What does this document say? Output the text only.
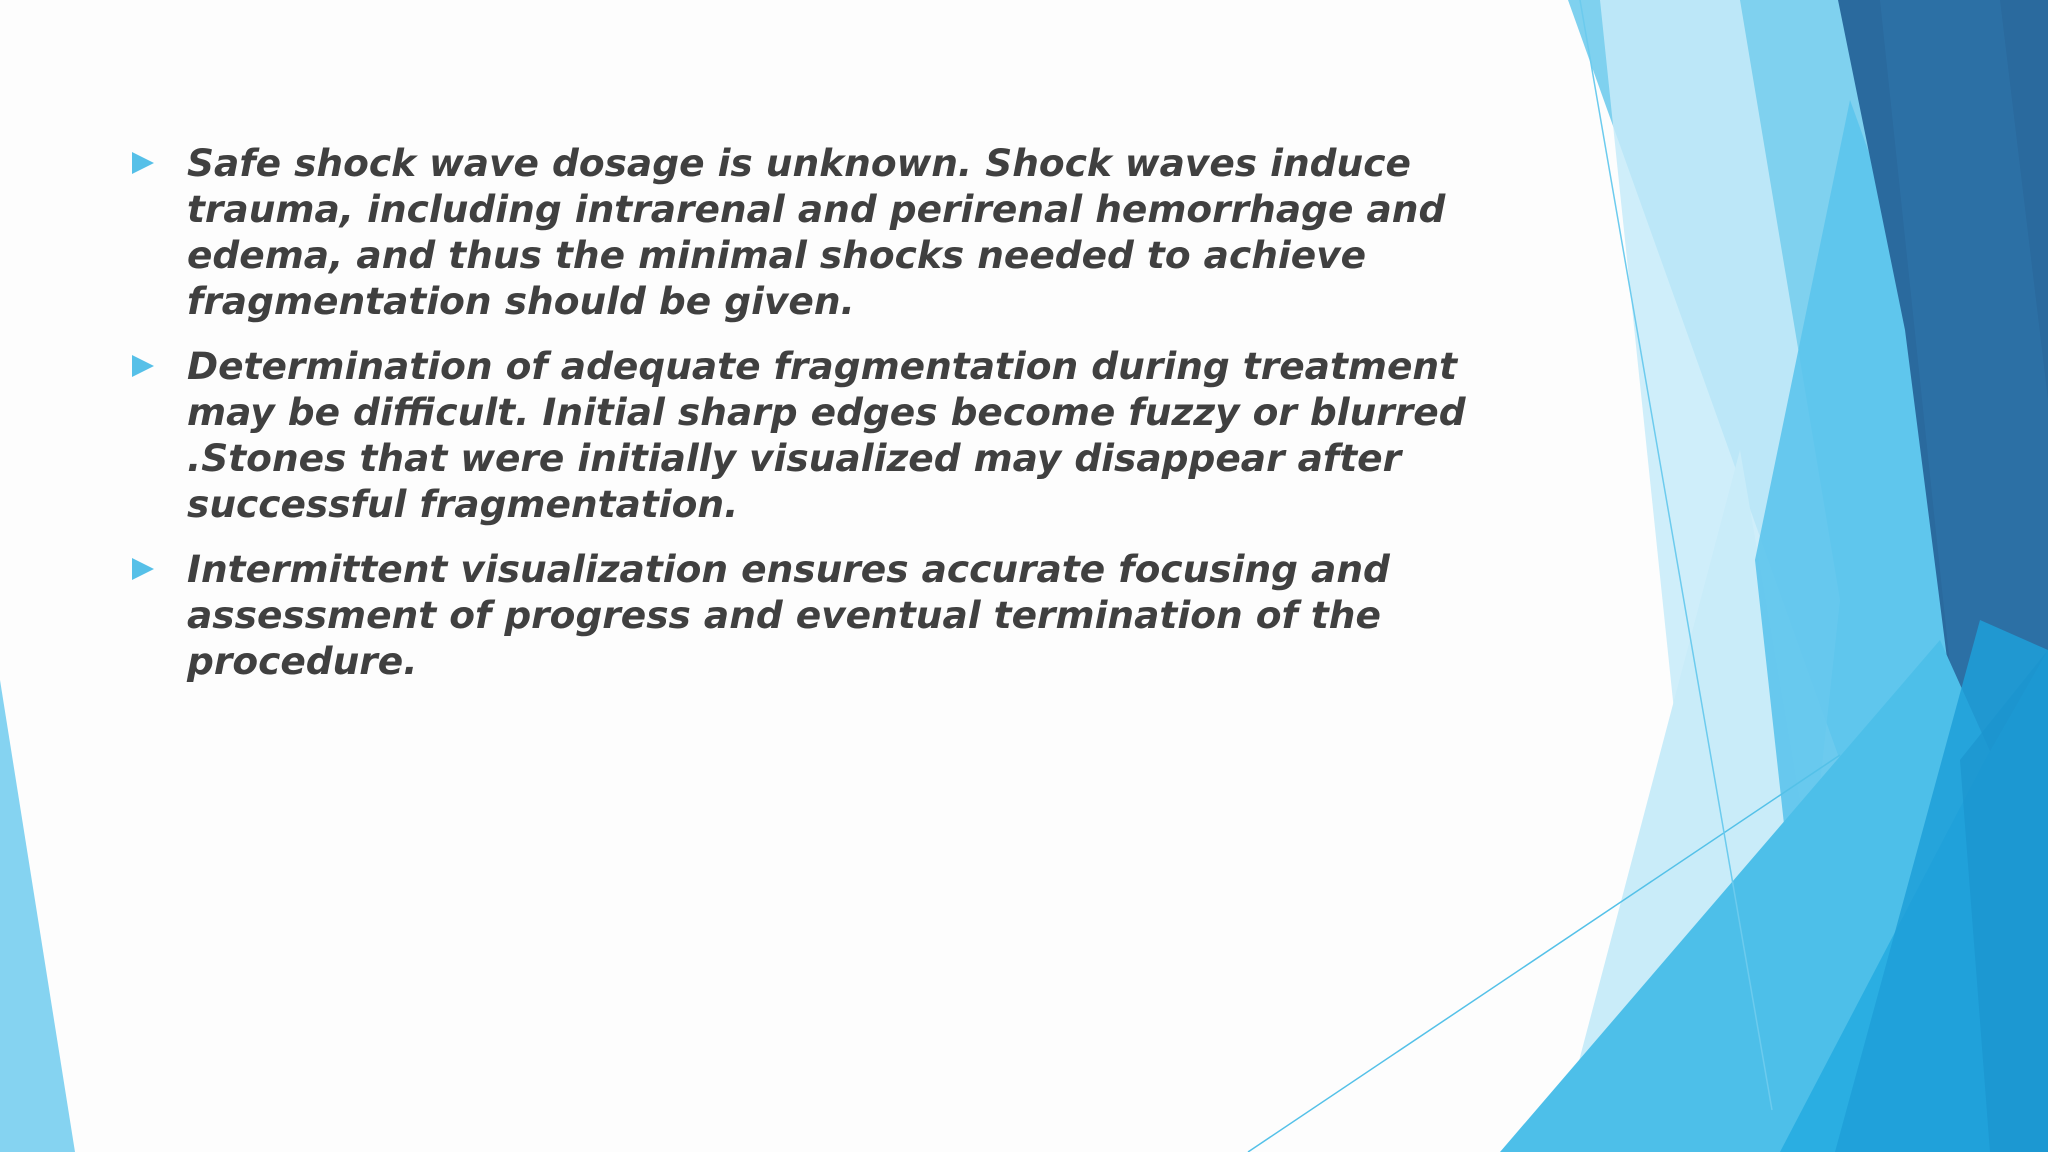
Safe shock wave dosage is unknown. Shock waves induce trauma, including intrarenal and perirenal hemorrhage and edema, and thus the minimal shocks needed to achieve fragmentation should be given.
Determination of adequate fragmentation during treatment may be difficult. Initial sharp edges become fuzzy or blurred .Stones that were initially visualized may disappear after successful fragmentation.
Intermittent visualization ensures accurate focusing and assessment of progress and eventual termination of the procedure.
